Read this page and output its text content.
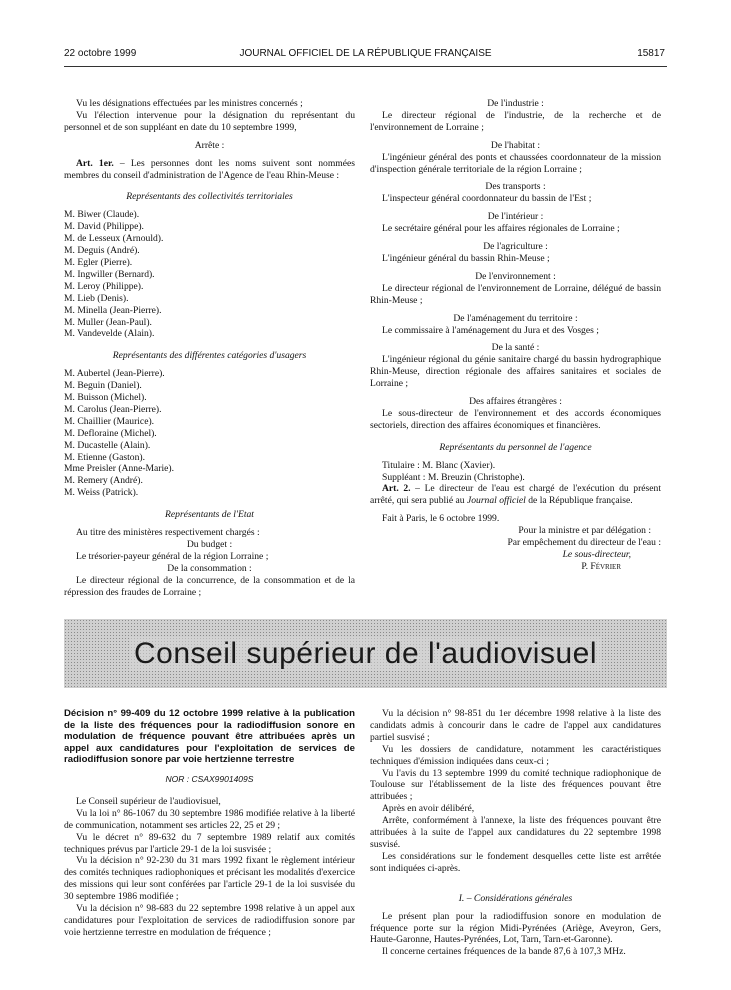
22 octobre 1999	JOURNAL OFFICIEL DE LA RÉPUBLIQUE FRANÇAISE	15817

Vu les désignations effectuées par les ministres concernés ;

Vu l'élection intervenue pour la désignation du représentant du personnel et de son suppléant en date du 10 septembre 1999,

Arrête :

Art. 1er. – Les personnes dont les noms suivent sont nommées membres du conseil d'administration de l'Agence de l'eau Rhin-Meuse :

Représentants des collectivités territoriales

M. Biwer (Claude).

M. David (Philippe).

M. de Lesseux (Arnould).

M. Deguis (André).

M. Egler (Pierre).

M. Ingwiller (Bernard).

M. Leroy (Philippe).

M. Lieb (Denis).

M. Minella (Jean-Pierre).

M. Muller (Jean-Paul).

M. Vandevelde (Alain).

Représentants des différentes catégories d'usagers

M. Aubertel (Jean-Pierre).

M. Beguin (Daniel).

M. Buisson (Michel).

M. Carolus (Jean-Pierre).

M. Chaillier (Maurice).

M. Defloraine (Michel).

M. Ducastelle (Alain).

M. Etienne (Gaston).

Mme Preisler (Anne-Marie).

M. Remery (André).

M. Weiss (Patrick).

Représentants de l'Etat

Au titre des ministères respectivement chargés :

Du budget :

Le trésorier-payeur général de la région Lorraine ;

De la consommation :

Le directeur régional de la concurrence, de la consommation et de la répression des fraudes de Lorraine ;

De l'industrie :

Le directeur régional de l'industrie, de la recherche et de l'environnement de Lorraine ;

De l'habitat :

L'ingénieur général des ponts et chaussées coordonnateur de la mission d'inspection générale territoriale de la région Lorraine ;

Des transports :

L'inspecteur général coordonnateur du bassin de l'Est ;

De l'intérieur :

Le secrétaire général pour les affaires régionales de Lorraine ;

De l'agriculture :

L'ingénieur général du bassin Rhin-Meuse ;

De l'environnement :

Le directeur régional de l'environnement de Lorraine, délégué de bassin Rhin-Meuse ;

De l'aménagement du territoire :

Le commissaire à l'aménagement du Jura et des Vosges ;

De la santé :

L'ingénieur régional du génie sanitaire chargé du bassin hydrographique Rhin-Meuse, direction régionale des affaires sanitaires et sociales de Lorraine ;

Des affaires étrangères :

Le sous-directeur de l'environnement et des accords économiques sectoriels, direction des affaires économiques et financières.

Représentants du personnel de l'agence

Titulaire : M. Blanc (Xavier).

Suppléant : M. Breuzin (Christophe).

Art. 2. – Le directeur de l'eau est chargé de l'exécution du présent arrêté, qui sera publié au Journal officiel de la République française.

Fait à Paris, le 6 octobre 1999.

Pour la ministre et par délégation :

Par empêchement du directeur de l'eau :

Le sous-directeur,

P. Février

Conseil supérieur de l'audiovisuel

Décision n° 99-409 du 12 octobre 1999 relative à la publication de la liste des fréquences pour la radiodiffusion sonore en modulation de fréquence pouvant être attribuées après un appel aux candidatures pour l'exploitation de services de radiodiffusion sonore par voie hertzienne terrestre

NOR : CSAX9901409S

Le Conseil supérieur de l'audiovisuel,

Vu la loi n° 86-1067 du 30 septembre 1986 modifiée relative à la liberté de communication, notamment ses articles 22, 25 et 29 ;

Vu le décret n° 89-632 du 7 septembre 1989 relatif aux comités techniques prévus par l'article 29-1 de la loi susvisée ;

Vu la décision n° 92-230 du 31 mars 1992 fixant le règlement intérieur des comités techniques radiophoniques et précisant les modalités d'exercice des missions qui leur sont conférées par l'article 29-1 de la loi susvisée du 30 septembre 1986 modifiée ;

Vu la décision n° 98-683 du 22 septembre 1998 relative à un appel aux candidatures pour l'exploitation de services de radiodiffusion sonore par voie hertzienne terrestre en modulation de fréquence ;

Vu la décision n° 98-851 du 1er décembre 1998 relative à la liste des candidats admis à concourir dans le cadre de l'appel aux candidatures partiel susvisé ;

Vu les dossiers de candidature, notamment les caractéristiques techniques d'émission indiquées dans ceux-ci ;

Vu l'avis du 13 septembre 1999 du comité technique radiophonique de Toulouse sur l'établissement de la liste des fréquences pouvant être attribuées ;

Après en avoir délibéré,

Arrête, conformément à l'annexe, la liste des fréquences pouvant être attribuées à la suite de l'appel aux candidatures du 22 septembre 1998 susvisé.

Les considérations sur le fondement desquelles cette liste est arrêtée sont indiquées ci-après.

I. – Considérations générales

Le présent plan pour la radiodiffusion sonore en modulation de fréquence porte sur la région Midi-Pyrénées (Ariège, Aveyron, Gers, Haute-Garonne, Hautes-Pyrénées, Lot, Tarn, Tarn-et-Garonne).

Il concerne certaines fréquences de la bande 87,6 à 107,3 MHz.
